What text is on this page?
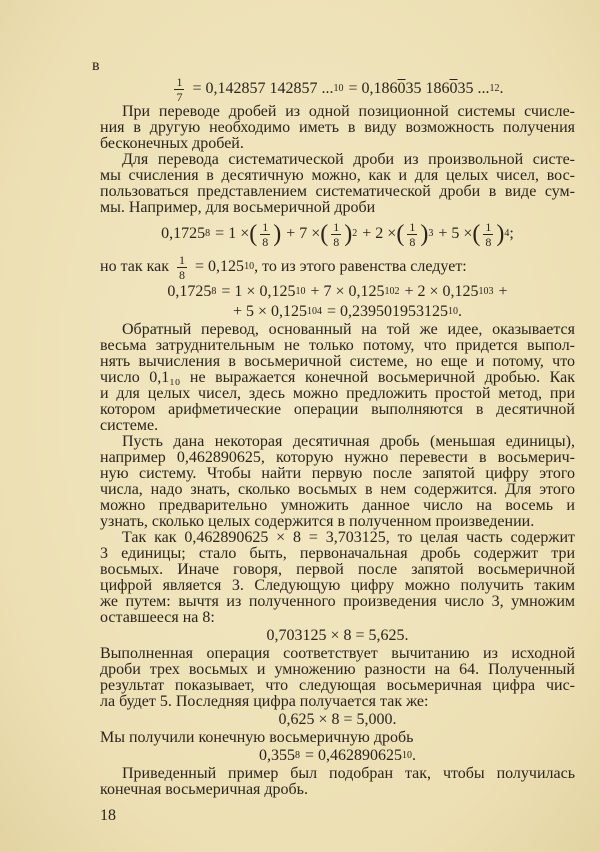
в
$\frac{1}{7} = 0,142857$ 142857 ... 10 = 0,186 0 35 186 0 35 ... 12 .
При переводе дробей из одной позиционной системы счисле-
ния в другую необходимо иметь в виду возможность получения
бесконечных дробей.
Для перевода систематической дроби из произвольной систе-
мы счисления в десятичную можно, как и для целых чисел, вос-
пользоваться представлением систематической дроби в виде сум-
мы. Например, для восьмеричной дроби
0,1725 8 = 1 × ( $\frac{1}{8}$ ) + 7 × ( $\frac{1}{8}$ ) 2 + 2 × ( $\frac{1}{8}$ ) 3 + 5 × ( $\frac{1}{8}$ ) 4 ;
но так как $\frac{1}{8} = 0,125$ 10 , то из этого равенства следует:
0,1725 8 = 1 × 0,125 10 + 7 × 0,125 10 2 + 2 × 0,125 10 3 +
+ 5 × 0,125 10 4 = 0,239501953125 10 .
Обратный перевод, основанный на той же идее, оказывается
весьма затруднительным не только потому, что придется выпол-
нять вычисления в восьмеричной системе, но еще и потому, что
число 0,1₁₀ не выражается конечной восьмеричной дробью. Как
и для целых чисел, здесь можно предложить простой метод, при
котором арифметические операции выполняются в десятичной
системе.
Пусть дана некоторая десятичная дробь (меньшая единицы),
например 0,462890625, которую нужно перевести в восьмерич-
ную систему. Чтобы найти первую после запятой цифру этого
числа, надо знать, сколько восьмых в нем содержится. Для этого
можно предварительно умножить данное число на восемь и
узнать, сколько целых содержится в полученном произведении.
Так как 0,462890625 × 8 = 3,703125, то целая часть содержит
3 единицы; стало быть, первоначальная дробь содержит три
восьмых. Иначе говоря, первой после запятой восьмеричной
цифрой является 3. Следующую цифру можно получить таким
же путем: вычтя из полученного произведения число 3, умножим
оставшееся на 8:
0,703125 × 8 = 5,625.
Выполненная операция соответствует вычитанию из исходной
дроби трех восьмых и умножению разности на 64. Полученный
результат показывает, что следующая восьмеричная цифра чис-
ла будет 5. Последняя цифра получается так же:
0,625 × 8 = 5,000.
Мы получили конечную восьмеричную дробь
0,355 8 = 0,462890625 10 .
Приведенный пример был подобран так, чтобы получилась
конечная восьмеричная дробь.
18
